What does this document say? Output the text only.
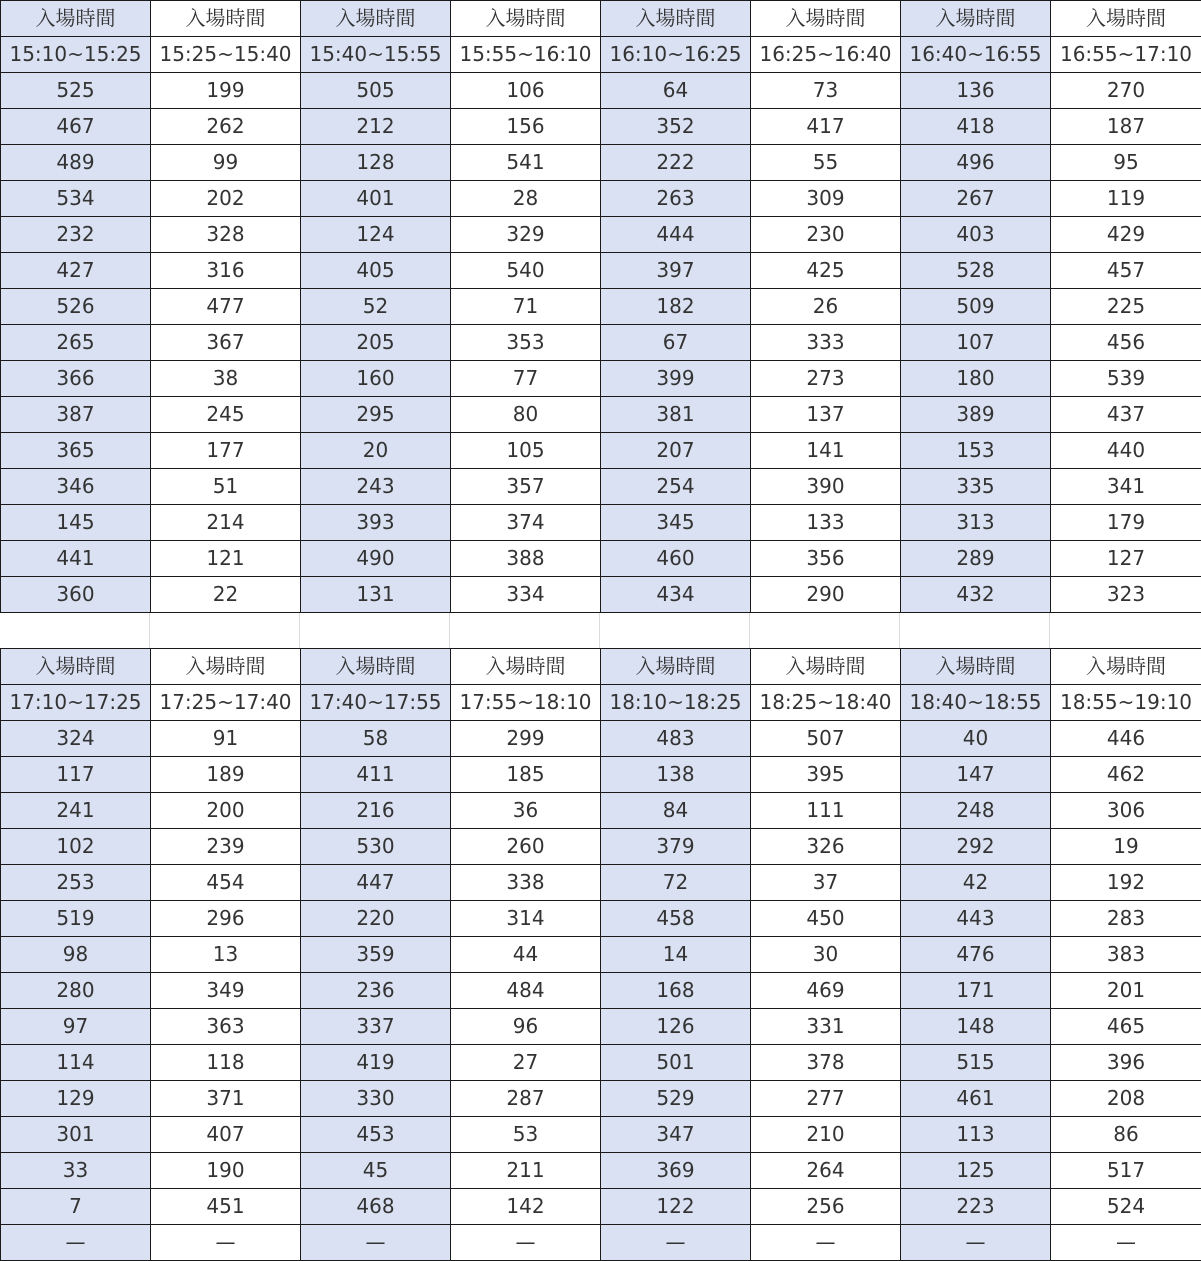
入場時間	入場時間	入場時間	入場時間	入場時間	入場時間	入場時間	入場時間
15:10~15:25	15:25~15:40	15:40~15:55	15:55~16:10	16:10~16:25	16:25~16:40	16:40~16:55	16:55~17:10
525	199	505	106	64	73	136	270
467	262	212	156	352	417	418	187
489	99	128	541	222	55	496	95
534	202	401	28	263	309	267	119
232	328	124	329	444	230	403	429
427	316	405	540	397	425	528	457
526	477	52	71	182	26	509	225
265	367	205	353	67	333	107	456
366	38	160	77	399	273	180	539
387	245	295	80	381	137	389	437
365	177	20	105	207	141	153	440
346	51	243	357	254	390	335	341
145	214	393	374	345	133	313	179
441	121	490	388	460	356	289	127
360	22	131	334	434	290	432	323
入場時間	入場時間	入場時間	入場時間	入場時間	入場時間	入場時間	入場時間
17:10~17:25	17:25~17:40	17:40~17:55	17:55~18:10	18:10~18:25	18:25~18:40	18:40~18:55	18:55~19:10
324	91	58	299	483	507	40	446
117	189	411	185	138	395	147	462
241	200	216	36	84	111	248	306
102	239	530	260	379	326	292	19
253	454	447	338	72	37	42	192
519	296	220	314	458	450	443	283
98	13	359	44	14	30	476	383
280	349	236	484	168	469	171	201
97	363	337	96	126	331	148	465
114	118	419	27	501	378	515	396
129	371	330	287	529	277	461	208
301	407	453	53	347	210	113	86
33	190	45	211	369	264	125	517
7	451	468	142	122	256	223	524
—	—	—	—	—	—	—	—
